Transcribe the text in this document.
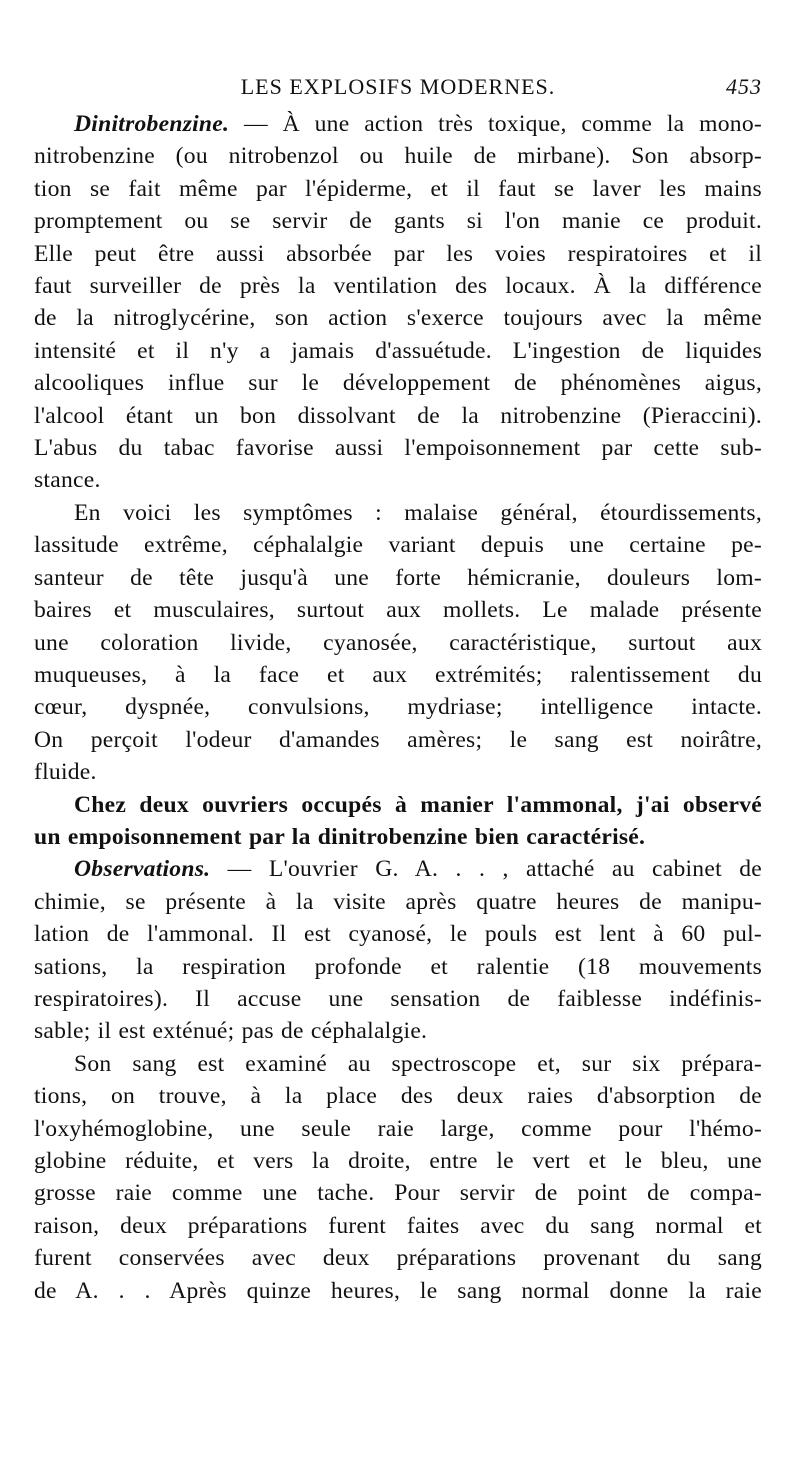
LES EXPLOSIFS MODERNES.	453
Dinitrobenzine. — À une action très toxique, comme la mono-
nitrobenzine (ou nitrobenzol ou huile de mirbane). Son absorp-
tion se fait même par l'épiderme, et il faut se laver les mains
promptement ou se servir de gants si l'on manie ce produit.
Elle peut être aussi absorbée par les voies respiratoires et il
faut surveiller de près la ventilation des locaux. À la différence
de la nitroglycérine, son action s'exerce toujours avec la même
intensité et il n'y a jamais d'assuétude. L'ingestion de liquides
alcooliques influe sur le développement de phénomènes aigus,
l'alcool étant un bon dissolvant de la nitrobenzine (Pieraccini).
L'abus du tabac favorise aussi l'empoisonnement par cette sub-
stance.
En voici les symptômes : malaise général, étourdissements,
lassitude extrême, céphalalgie variant depuis une certaine pe-
santeur de tête jusqu'à une forte hémicranie, douleurs lom-
baires et musculaires, surtout aux mollets. Le malade présente
une coloration livide, cyanosée, caractéristique, surtout aux
muqueuses, à la face et aux extrémités; ralentissement du
cœur, dyspnée, convulsions, mydriase; intelligence intacte.
On perçoit l'odeur d'amandes amères; le sang est noirâtre,
fluide.
Chez deux ouvriers occupés à manier l'ammonal, j'ai observé
un empoisonnement par la dinitrobenzine bien caractérisé.
Observations. — L'ouvrier G. A. . . , attaché au cabinet de
chimie, se présente à la visite après quatre heures de manipu-
lation de l'ammonal. Il est cyanosé, le pouls est lent à 60 pul-
sations, la respiration profonde et ralentie (18 mouvements
respiratoires). Il accuse une sensation de faiblesse indéfinis-
sable; il est exténué; pas de céphalalgie.
Son sang est examiné au spectroscope et, sur six prépara-
tions, on trouve, à la place des deux raies d'absorption de
l'oxyhémoglobine, une seule raie large, comme pour l'hémo-
globine réduite, et vers la droite, entre le vert et le bleu, une
grosse raie comme une tache. Pour servir de point de compa-
raison, deux préparations furent faites avec du sang normal et
furent conservées avec deux préparations provenant du sang
de A. . . Après quinze heures, le sang normal donne la raie
